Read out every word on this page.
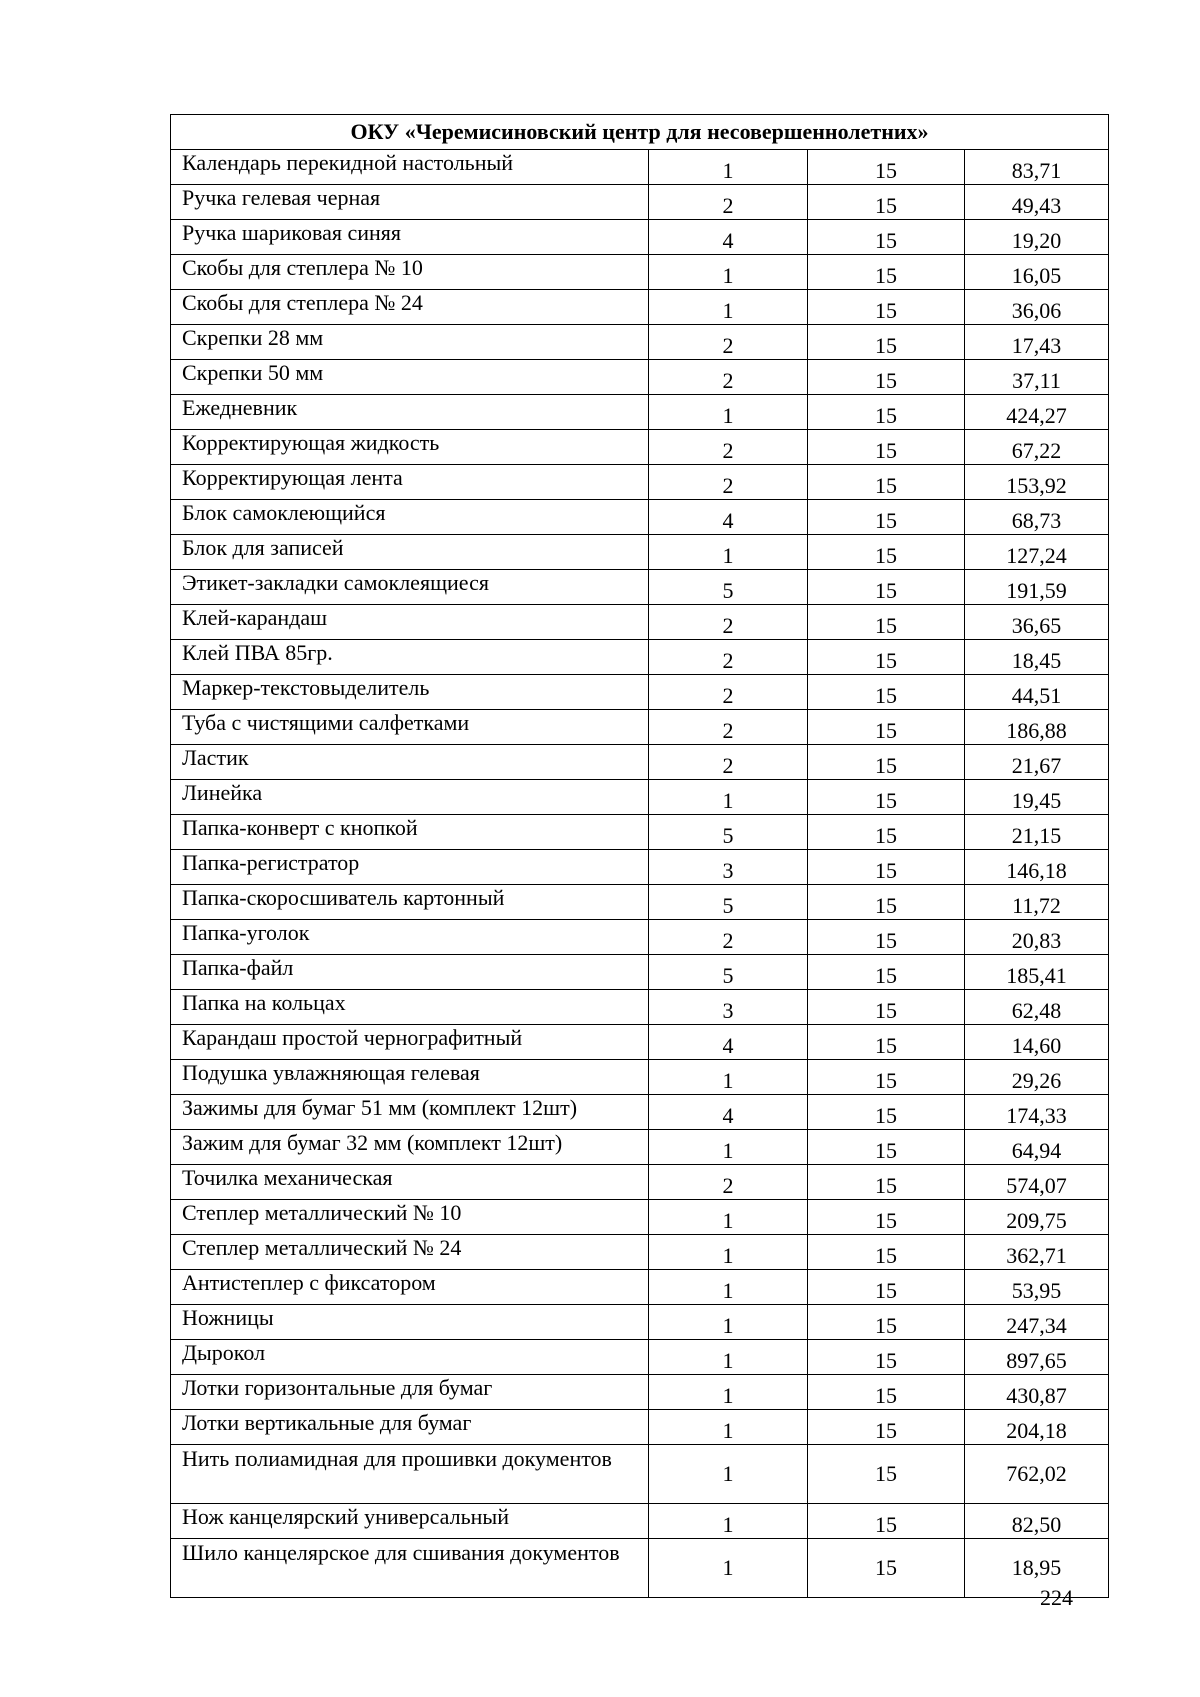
ОКУ «Черемисиновский центр для несовершеннолетних»			
Календарь перекидной настольный	1	15	83,71
Ручка гелевая черная	2	15	49,43
Ручка шариковая синяя	4	15	19,20
Скобы для степлера № 10	1	15	16,05
Скобы для степлера № 24	1	15	36,06
Скрепки 28 мм	2	15	17,43
Скрепки 50 мм	2	15	37,11
Ежедневник	1	15	424,27
Корректирующая жидкость	2	15	67,22
Корректирующая лента	2	15	153,92
Блок самоклеющийся	4	15	68,73
Блок для записей	1	15	127,24
Этикет-закладки самоклеящиеся	5	15	191,59
Клей-карандаш	2	15	36,65
Клей ПВА 85гр.	2	15	18,45
Маркер-текстовыделитель	2	15	44,51
Туба с чистящими салфетками	2	15	186,88
Ластик	2	15	21,67
Линейка	1	15	19,45
Папка-конверт с кнопкой	5	15	21,15
Папка-регистратор	3	15	146,18
Папка-скоросшиватель картонный	5	15	11,72
Папка-уголок	2	15	20,83
Папка-файл	5	15	185,41
Папка на кольцах	3	15	62,48
Карандаш простой чернографитный	4	15	14,60
Подушка увлажняющая гелевая	1	15	29,26
Зажимы для бумаг 51 мм (комплект 12шт)	4	15	174,33
Зажим для бумаг 32 мм (комплект 12шт)	1	15	64,94
Точилка механическая	2	15	574,07
Степлер металлический № 10	1	15	209,75
Степлер металлический № 24	1	15	362,71
Антистеплер с фиксатором	1	15	53,95
Ножницы	1	15	247,34
Дырокол	1	15	897,65
Лотки горизонтальные для бумаг	1	15	430,87
Лотки вертикальные для бумаг	1	15	204,18
Нить полиамидная для прошивки документов	1	15	762,02
Нож канцелярский универсальный	1	15	82,50
Шило канцелярское для сшивания документов	1	15	18,95
224
